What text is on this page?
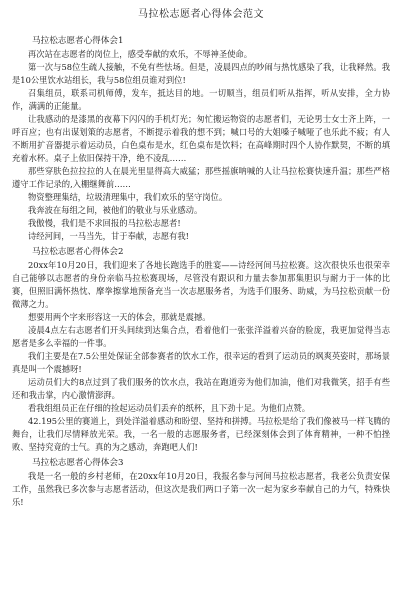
马拉松志愿者心得体会范文
马拉松志愿者心得体会1

再次站在志愿者的岗位上，感受奉献的欢乐，不辱神圣使命。

第一次与58位生疏人接触，不免有些怯场。但是，凌晨四点的吵闹与热忱感染了我，让我释然。我是10公里饮水站组长，我与58位组员谁对到位!

召集组员，联系司机师傅，发车，抵达目的地。一切顺当，组员们听从指挥，听从安排，全力协作，满满的正能量。

让我感动的是漆黑的夜幕下闪闪的手机灯光；匆忙搬运物资的志愿者们，无论男士女士齐上阵，一呼百应；也有出谋划策的志愿者，不断提示着我的想不到；喊口号的大姐嗓子喊哑了也乐此不疲；有人不断用扩音器提示着运动员，白色桌布是水，红色桌布是饮料；在高峰期时四个人协作默契，不断的填充着水杯。桌子上依旧保持干净，绝不凌乱……

那些穿肤色拉拉拉的人在晨光里显得高大威猛；那些摇旗呐喊的人让马拉松赛快速升温；那些严格遵守工作记录的,入棚继舞前……

物资整理集结，垃圾清理集中，我们欢乐的坚守岗位。

我奔波在每组之间，被他们的敬业与乐业感动。

我傲慢，我们是不求回报的马拉松志愿者!

诗经河间，一马当先，甘于奉献，志愿有我!

马拉松志愿者心得体会2

20xx年10月20日，我们迎来了各地长跑选手的胜宴——诗经河间马拉松赛。这次很快乐也很荣幸自己能够以志愿者的身份亲临马拉松赛现场，尽管没有跟识和力量去参加那集胆识与耐力于一体的比赛，但照旧满怀热忱、摩拳擦掌地预备充当一次志愿服务者，为选手们服务、助威，为马拉松贡献一份微薄之力。

想要用两个字来形容这一天的体会，那就是震撼。

凌晨4点左右志愿者们开头间续到达集合点，看着他们一张张洋溢着兴奋的脸庞，我更加觉得当志愿者是多么幸福的一件事。

我们主要是在7.5公里处保证全部参赛者的饮水工作，很幸运的看到了运动员的飒爽英姿时，那场景真是叫一个震撼呀!

运动员们大约8点过到了我们服务的饮水点，我站在跑道旁为他们加油，他们对我微笑，招手有些还和我击掌，内心激情澎湃。

看我组组员正在仔细的捡起运动员们丢弃的纸杯，且下劲十足。为他们点赞。

42.195公里的赛道上，到处洋溢着感动和盼望、坚持和拼搏。马拉松是给了我们像被马一样飞腾的舞台，让我们尽情释放光荣。我，一名一般的志愿服务者，已经深刻体会到了体育精神，一种不怕挫败、坚持究竟的士气。真的为之感动，奔跑吧人们!

马拉松志愿者心得体会3

我是一名一般的乡村老师，在20xx年10月20日，我报名参与河间马拉松志愿者，我老公负责安保工作，虽然我已多次参与志愿者活动，但这次是我们两口子第一次一起为家乡奉献自己的力气，特殊快乐!
